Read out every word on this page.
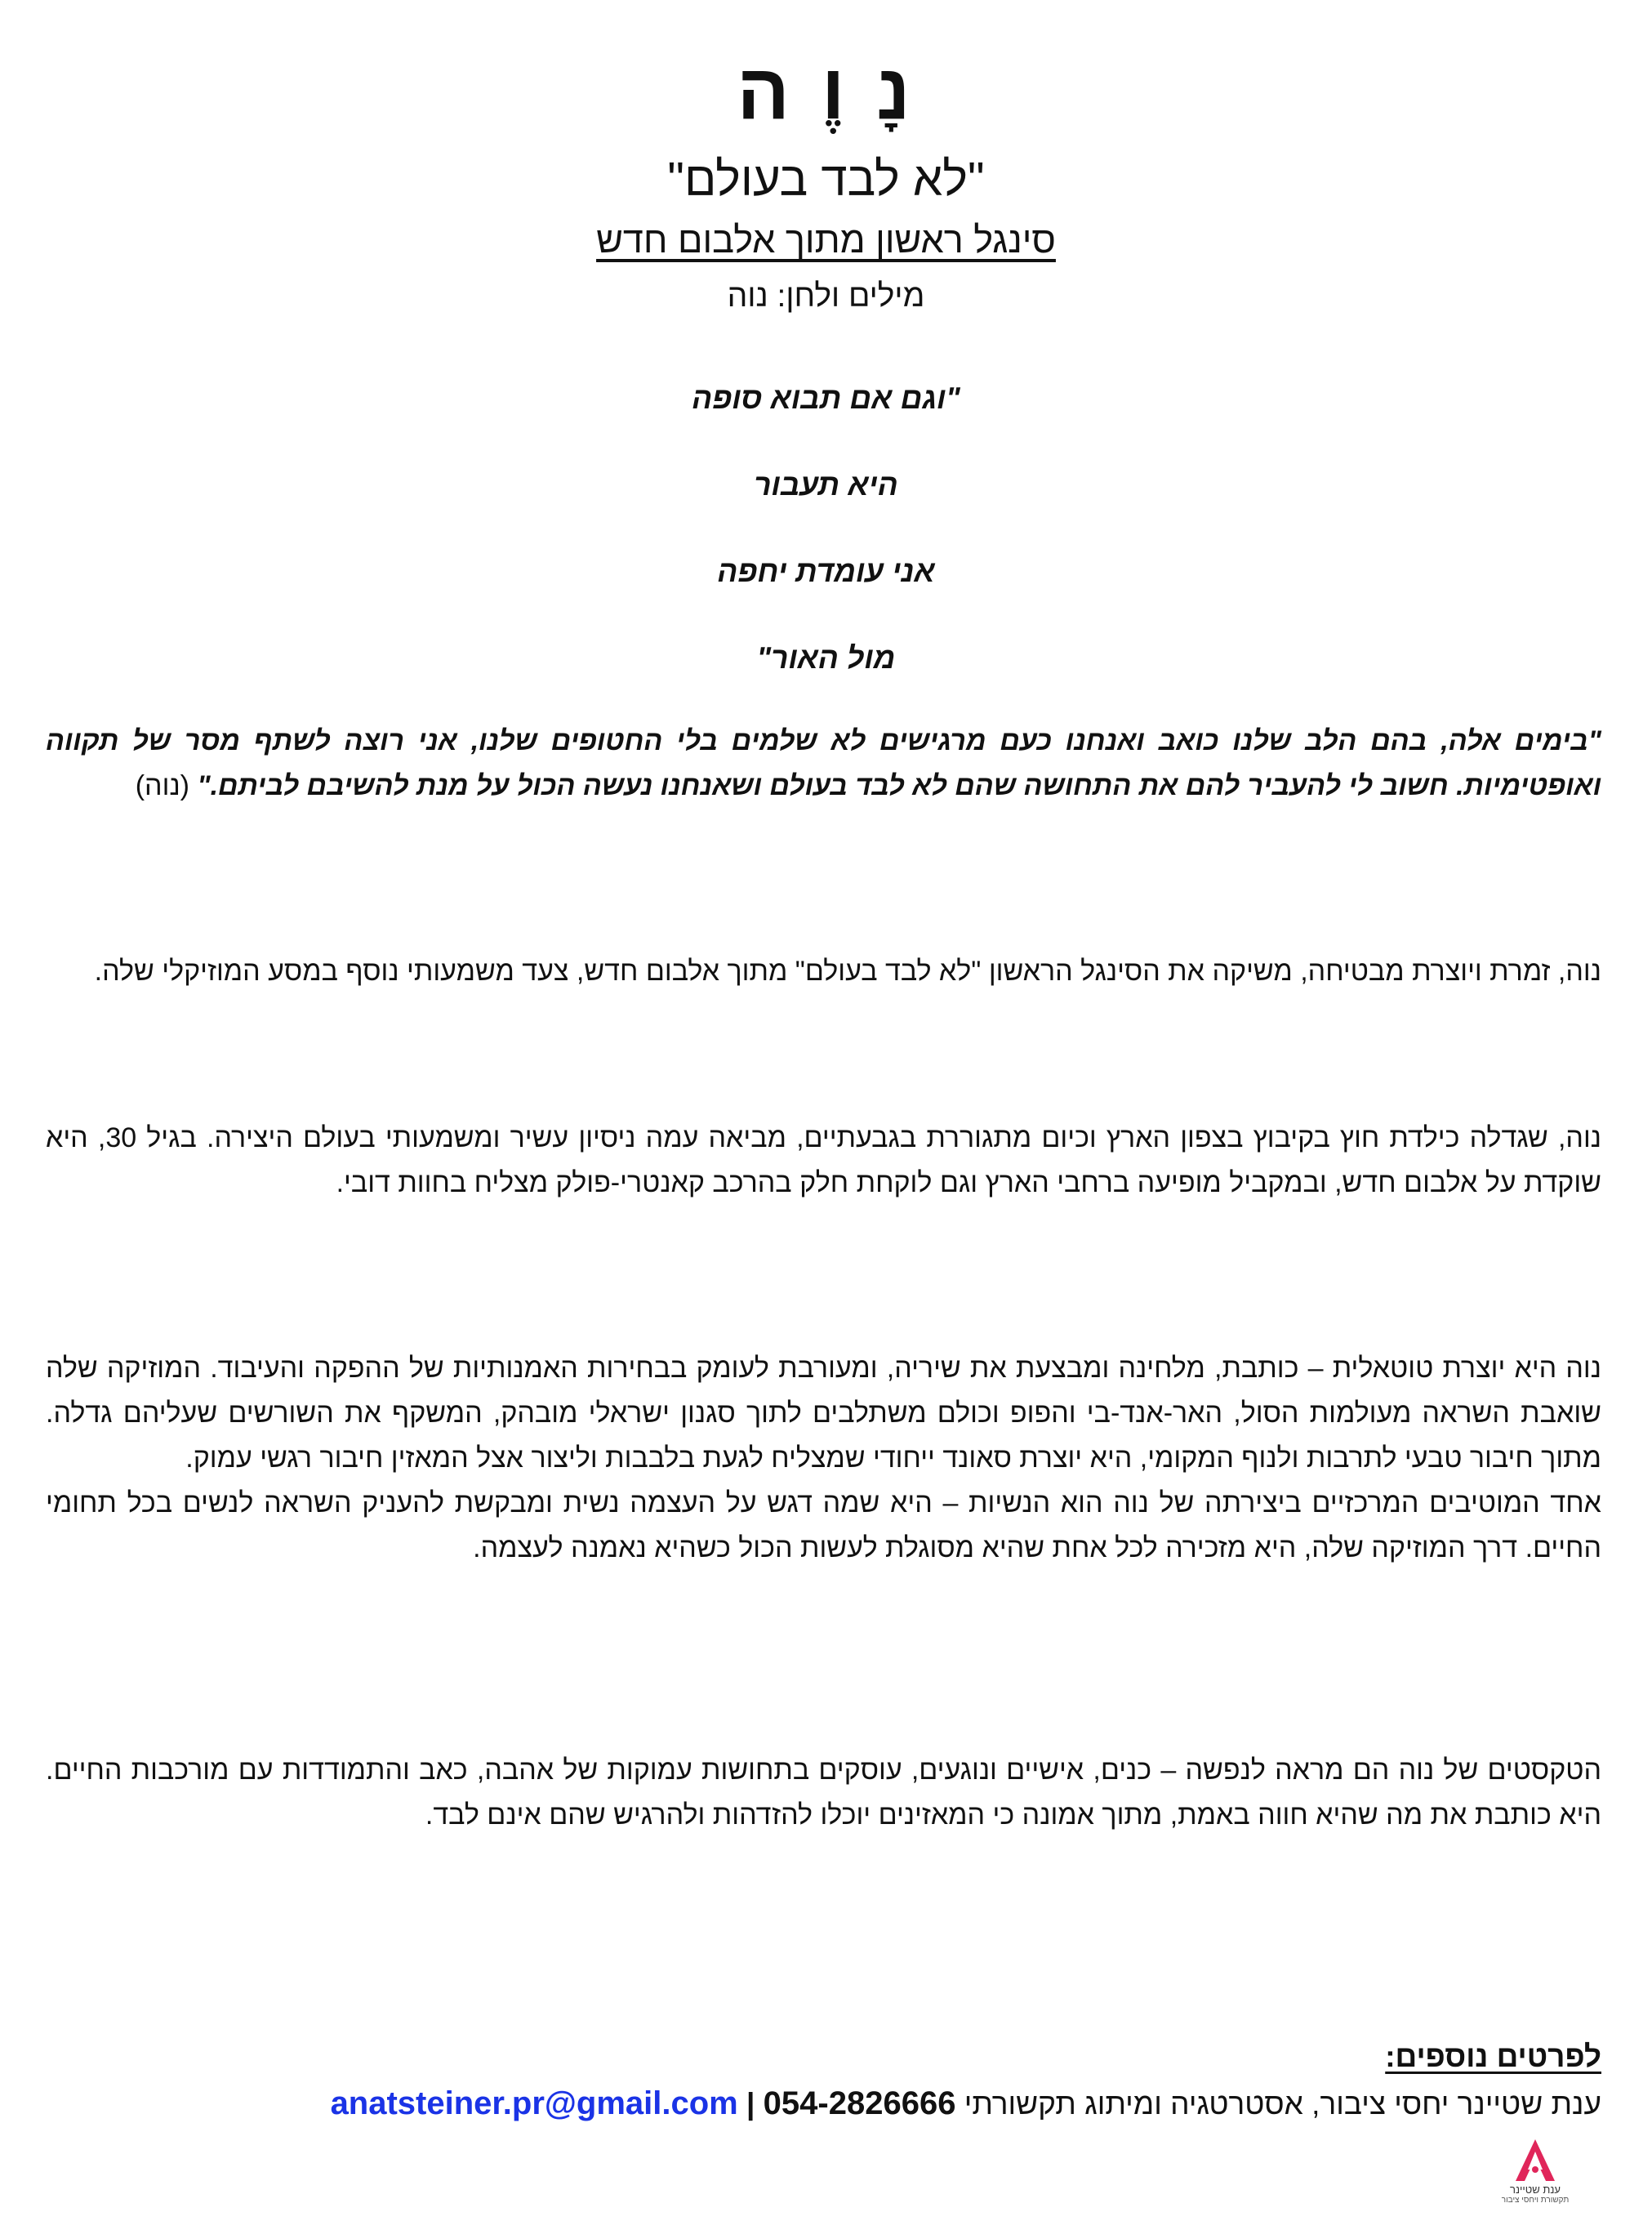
נָ וֶ ה
"לא לבד בעולם"
סינגל ראשון מתוך אלבום חדש
מילים ולחן: נוה
"וגם אם תבוא סופה
היא תעבור
אני עומדת יחפה
מול האור"
"בימים אלה, בהם הלב שלנו כואב ואנחנו כעם מרגישים לא שלמים בלי החטופים שלנו, אני רוצה לשתף מסר של תקווה ואופטימיות. חשוב לי להעביר להם את התחושה שהם לא לבד בעולם ושאנחנו נעשה הכול על מנת להשיבם לביתם." (נוה)
נוה, זמרת ויוצרת מבטיחה, משיקה את הסינגל הראשון "לא לבד בעולם" מתוך אלבום חדש, צעד משמעותי נוסף במסע המוזיקלי שלה.
נוה, שגדלה כילדת חוץ בקיבוץ בצפון הארץ וכיום מתגוררת בגבעתיים, מביאה עמה ניסיון עשיר ומשמעותי בעולם היצירה. בגיל 30, היא שוקדת על אלבום חדש, ובמקביל מופיעה ברחבי הארץ וגם לוקחת חלק בהרכב קאנטרי-פולק מצליח בחוות דובי.
נוה היא יוצרת טוטאלית – כותבת, מלחינה ומבצעת את שיריה, ומעורבת לעומק בבחירות האמנותיות של ההפקה והעיבוד. המוזיקה שלה שואבת השראה מעולמות הסול, האר-אנד-בי והפופ וכולם משתלבים לתוך סגנון ישראלי מובהק, המשקף את השורשים שעליהם גדלה. מתוך חיבור טבעי לתרבות ולנוף המקומי, היא יוצרת סאונד ייחודי שמצליח לגעת בלבבות וליצור אצל המאזין חיבור רגשי עמוק.
אחד המוטיבים המרכזיים ביצירתה של נוה הוא הנשיות – היא שמה דגש על העצמה נשית ומבקשת להעניק השראה לנשים בכל תחומי החיים. דרך המוזיקה שלה, היא מזכירה לכל אחת שהיא מסוגלת לעשות הכול כשהיא נאמנה לעצמה.
הטקסטים של נוה הם מראה לנפשה – כנים, אישיים ונוגעים, עוסקים בתחושות עמוקות של אהבה, כאב והתמודדות עם מורכבות החיים. היא כותבת את מה שהיא חווה באמת, מתוך אמונה כי המאזינים יוכלו להזדהות ולהרגיש שהם אינם לבד.
לפרטים נוספים:
ענת שטיינר יחסי ציבור, אסטרטגיה ומיתוג תקשורתי anatsteiner.pr@gmail.com | 054-2826666
ענת שטיינר
תקשורת ויחסי ציבור
